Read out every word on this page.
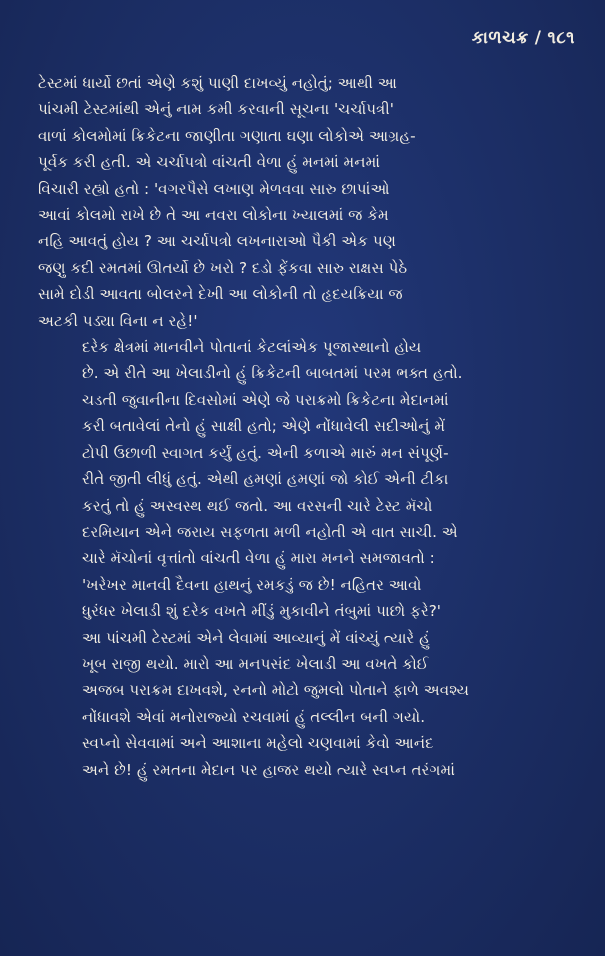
કાળચક્ર / ૧૮૧

ટેસ્ટમાં ધાર્યો છતાં એણે કશું પાણી દાખવ્યું નહોતું; આથી આ
પાંચમી ટેસ્ટમાંથી એનું નામ કમી કરવાની સૂચના 'ચર્ચાપત્રી'
વાળાં કોલમોમાં ક્રિકેટના જાણીતા ગણાતા ઘણા લોકોએ આગ્રહ-
પૂર્વક કરી હતી. એ ચર્ચાપત્રો વાંચતી વેળા હું મનમાં મનમાં
વિચારી રહ્યો હતો : 'વગરપૈસે લખાણ મેળવવા સારુ છાપાંઓ
આવાં કોલમો રાખે છે તે આ નવરા લોકોના ખ્યાલમાં જ કેમ
નહિ આવતું હોય ? આ ચર્ચાપત્રો લખનારાઓ પૈકી એક પણ
જણુ કદી રમતમાં ઊતર્યો છે ખરો ? દડો ફેંકવા સારુ રાક્ષસ પેઠે
સામે દોડી આવતા બોલરને દેખી આ લોકોની તો હૃદયક્રિયા જ
અટકી પડ્યા વિના ન રહે!'

દરેક ક્ષેત્રમાં માનવીને પોતાનાં કેટલાંએક પૂજાસ્થાનો હોય
છે. એ રીતે આ ખેલાડીનો હું ક્રિકેટની બાબતમાં પરમ ભક્ત હતો.
ચડતી જુવાનીના દિવસોમાં એણે જે પરાક્રમો ક્રિકેટના મેદાનમાં
કરી બતાવેલાં તેનો હું સાક્ષી હતો; એણે નોંધાવેલી સદીઓનું મેં
ટોપી ઉછાળી સ્વાગત કર્યું હતું. એની કળાએ મારું મન સંપૂર્ણ-
રીતે જીતી લીધું હતું. એથી હમણાં હમણાં જો કોઈ એની ટીકા
કરતું તો હું અસ્વસ્થ થઈ જતો. આ વરસની ચારે ટેસ્ટ મૅચો
દરમિયાન એને જરાય સફળતા મળી નહોતી એ વાત સાચી. એ
ચારે મૅચોનાં વૃત્તાંતો વાંચતી વેળા હું મારા મનને સમજાવતો :
'ખરેખર માનવી દૈવના હાથનું રમકડું જ છે! નહિતર આવો
ધુરંધર ખેલાડી શું દરેક વખતે મીંડું મુકાવીને તંબુમાં પાછો ફરે?'
આ પાંચમી ટેસ્ટમાં એને લેવામાં આવ્યાનું મેં વાંચ્યું ત્યારે હું
ખૂબ રાજી થયો. મારો આ મનપસંદ ખેલાડી આ વખતે કોઈ
અજબ પરાક્રમ દાખવશે, રનનો મોટો જુમલો પોતાને ફાળે અવશ્ય
નોંધાવશે એવાં મનોરાજ્યો રચવામાં હું તલ્લીન બની ગયો.

સ્વપ્નો સેવવામાં અને આશાના મહેલો ચણવામાં કેવો આનંદ
અને છે! હું રમતના મેદાન પર હાજર થયો ત્યારે સ્વપ્ન તરંગમાં
